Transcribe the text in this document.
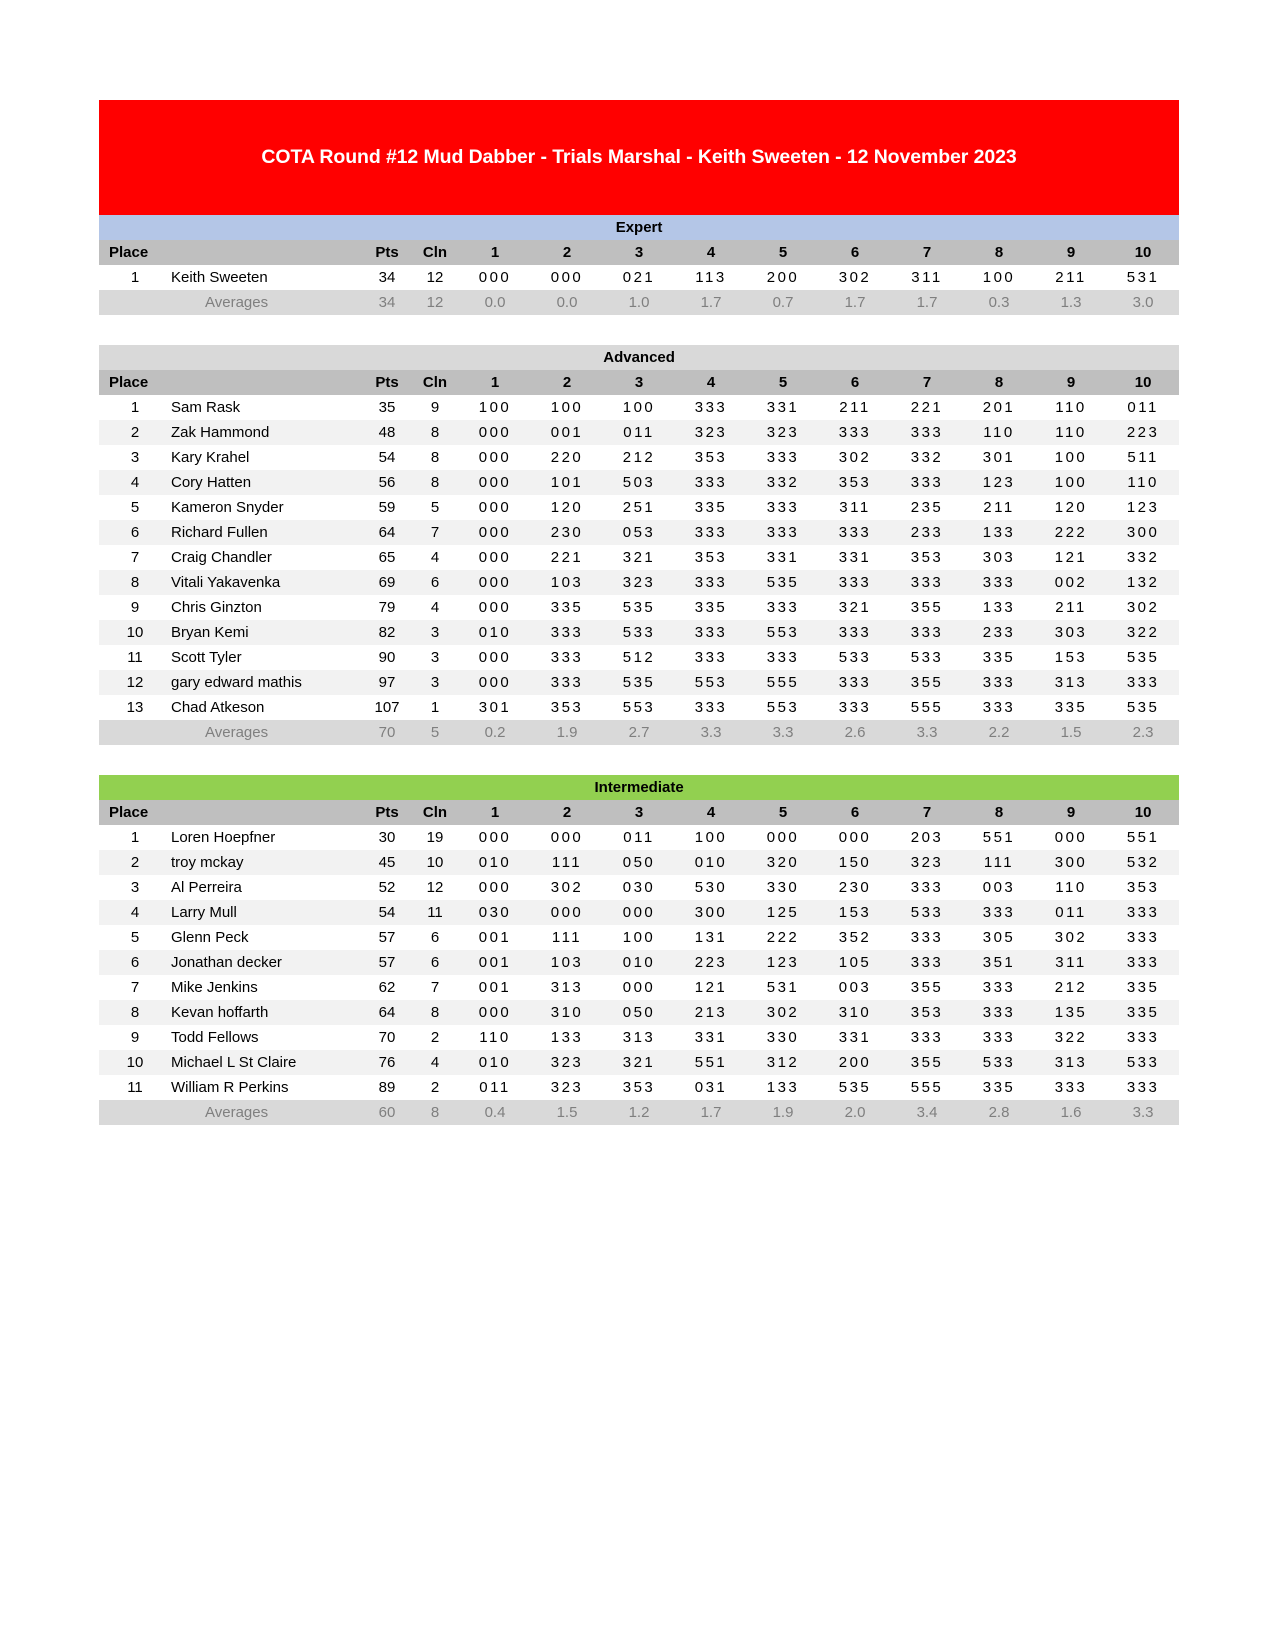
COTA Round #12 Mud Dabber - Trials Marshal - Keith Sweeten - 12 November 2023
Expert													
Place		Pts	Cln	1	2	3	4	5	6	7	8	9	10
1	Keith Sweeten	34	12	000	000	021	113	200	302	311	100	211	531
	Averages	34	12	0.0	0.0	1.0	1.7	0.7	1.7	1.7	0.3	1.3	3.0
Advanced													
Place		Pts	Cln	1	2	3	4	5	6	7	8	9	10
1	Sam Rask	35	9	100	100	100	333	331	211	221	201	110	011
2	Zak Hammond	48	8	000	001	011	323	323	333	333	110	110	223
3	Kary Krahel	54	8	000	220	212	353	333	302	332	301	100	511
4	Cory Hatten	56	8	000	101	503	333	332	353	333	123	100	110
5	Kameron Snyder	59	5	000	120	251	335	333	311	235	211	120	123
6	Richard Fullen	64	7	000	230	053	333	333	333	233	133	222	300
7	Craig Chandler	65	4	000	221	321	353	331	331	353	303	121	332
8	Vitali Yakavenka	69	6	000	103	323	333	535	333	333	333	002	132
9	Chris Ginzton	79	4	000	335	535	335	333	321	355	133	211	302
10	Bryan Kemi	82	3	010	333	533	333	553	333	333	233	303	322
11	Scott Tyler	90	3	000	333	512	333	333	533	533	335	153	535
12	gary edward mathis	97	3	000	333	535	553	555	333	355	333	313	333
13	Chad Atkeson	107	1	301	353	553	333	553	333	555	333	335	535
	Averages	70	5	0.2	1.9	2.7	3.3	3.3	2.6	3.3	2.2	1.5	2.3
Intermediate													
Place		Pts	Cln	1	2	3	4	5	6	7	8	9	10
1	Loren Hoepfner	30	19	000	000	011	100	000	000	203	551	000	551
2	troy mckay	45	10	010	111	050	010	320	150	323	111	300	532
3	Al Perreira	52	12	000	302	030	530	330	230	333	003	110	353
4	Larry Mull	54	11	030	000	000	300	125	153	533	333	011	333
5	Glenn Peck	57	6	001	111	100	131	222	352	333	305	302	333
6	Jonathan decker	57	6	001	103	010	223	123	105	333	351	311	333
7	Mike Jenkins	62	7	001	313	000	121	531	003	355	333	212	335
8	Kevan hoffarth	64	8	000	310	050	213	302	310	353	333	135	335
9	Todd Fellows	70	2	110	133	313	331	330	331	333	333	322	333
10	Michael L St Claire	76	4	010	323	321	551	312	200	355	533	313	533
11	William R Perkins	89	2	011	323	353	031	133	535	555	335	333	333
	Averages	60	8	0.4	1.5	1.2	1.7	1.9	2.0	3.4	2.8	1.6	3.3
